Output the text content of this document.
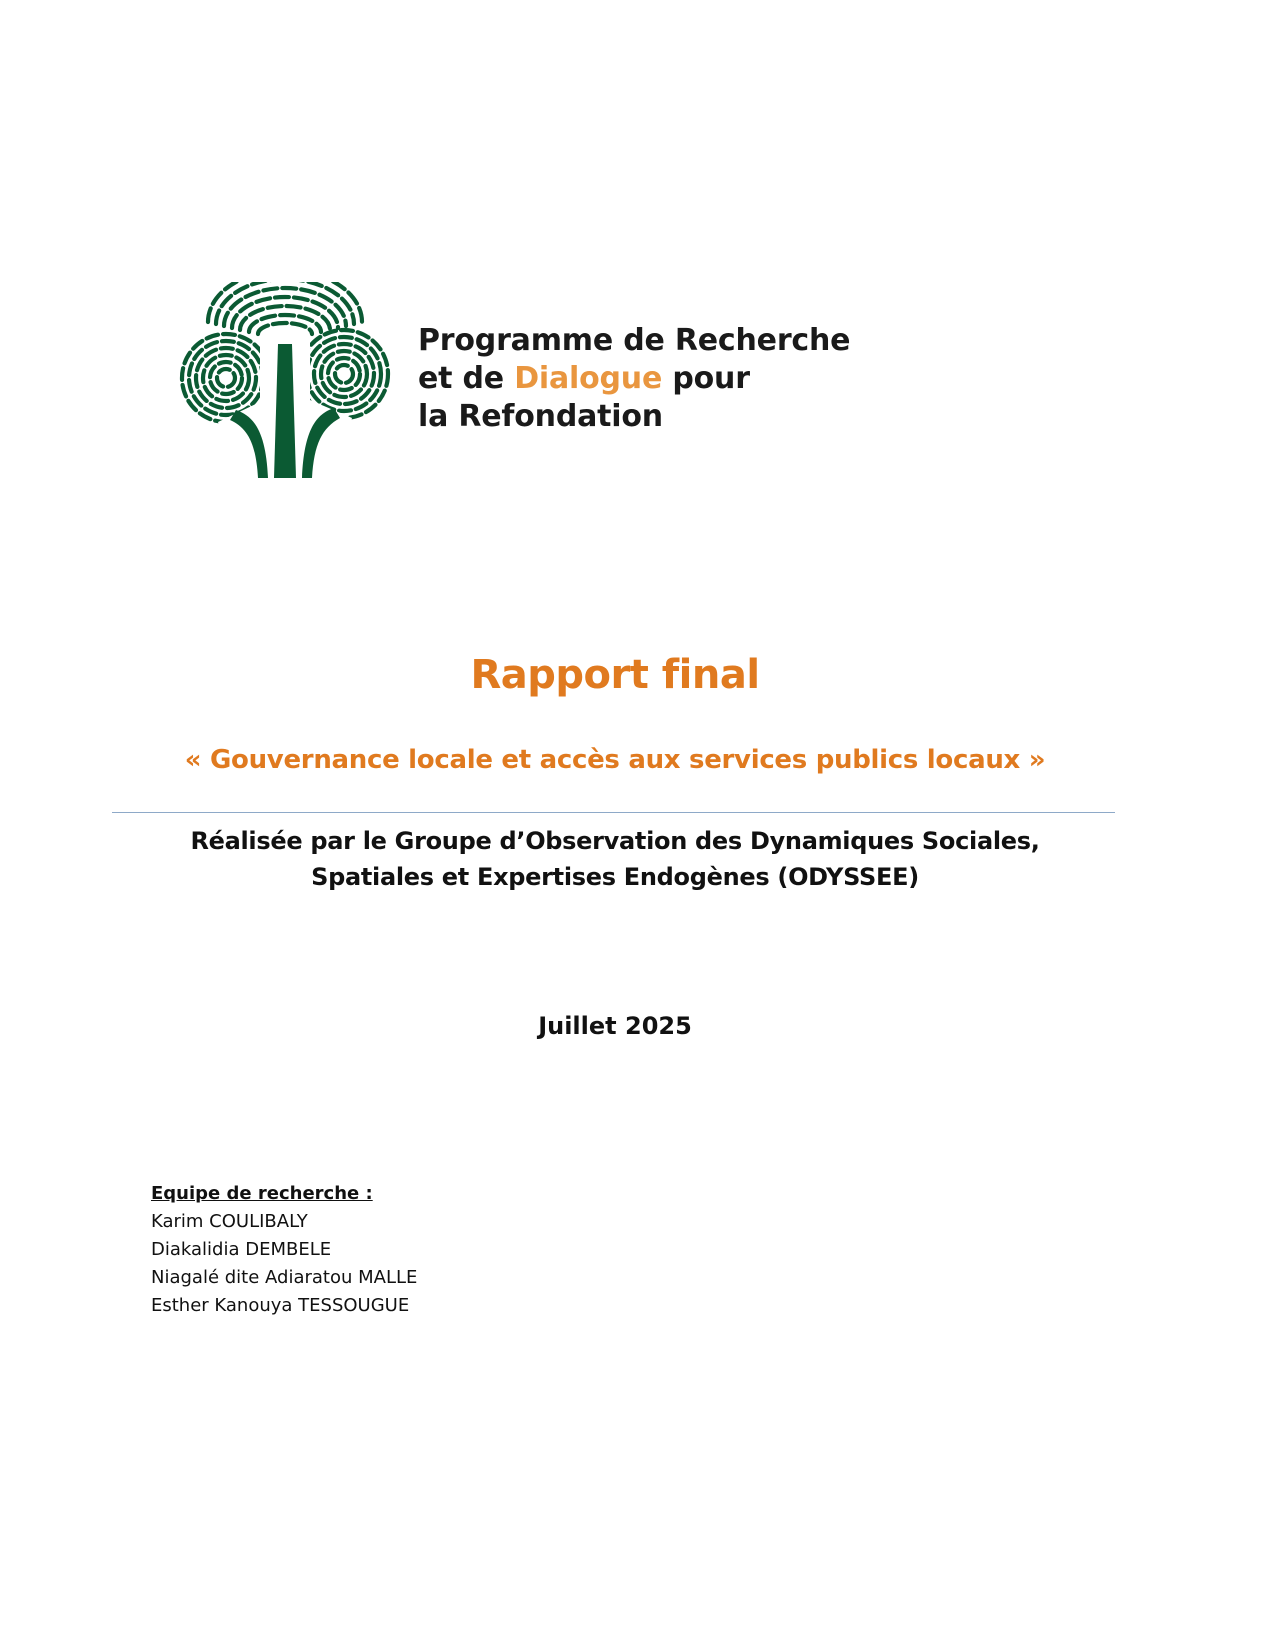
Programme de Recherche
et de Dialogue pour
la Refondation
Rapport final
« Gouvernance locale et accès aux services publics locaux »
Réalisée par le Groupe d’Observation des Dynamiques Sociales,
Spatiales et Expertises Endogènes (ODYSSEE)
Juillet 2025
Equipe de recherche :
Karim COULIBALY
Diakalidia DEMBELE
Niagalé dite Adiaratou MALLE
Esther Kanouya TESSOUGUE
